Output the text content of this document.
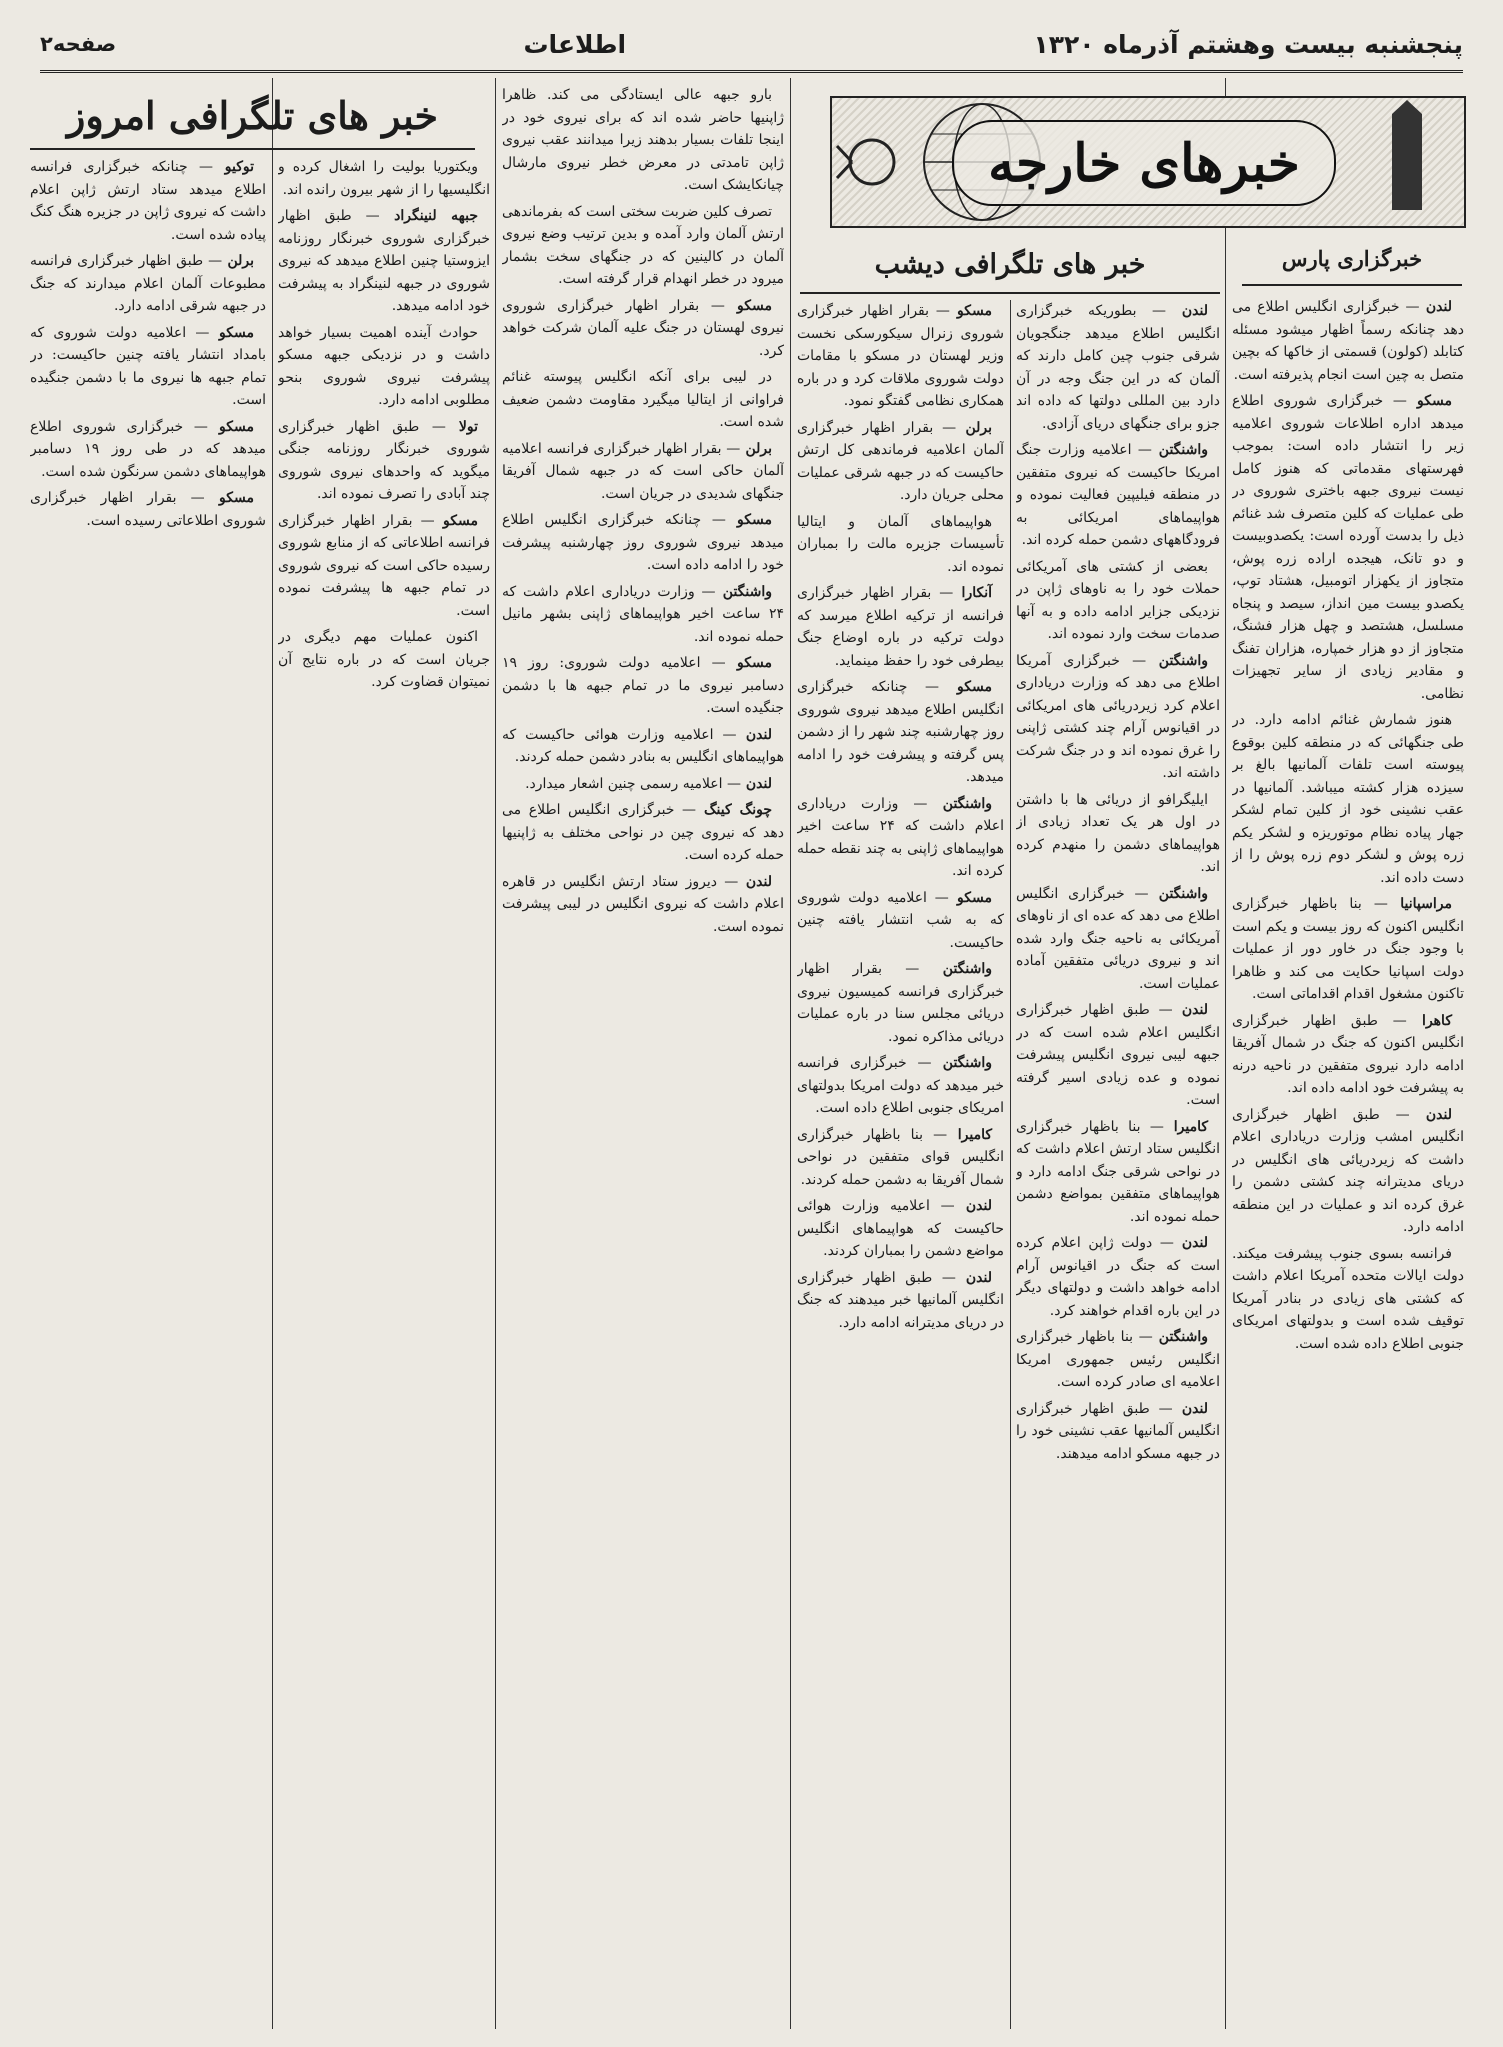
صفحه۲	اطلاعات	پنجشنبه بیست وهشتم آذرماه ۱۳۲۰
خبرهای خارجه
خبرگزاری پارس
خبر های تلگرافی امروز
خبر های تلگرافی دیشب

لندن — خبرگزاری انگلیس اطلاع می دهد چنانکه رسماً اظهار میشود مسئله کتابلد (کولون) قسمتی از خاکها که بچین متصل به چین است انجام پذیرفته است.

مسکو — خبرگزاری شوروی اطلاع میدهد اداره اطلاعات شوروی اعلامیه زیر را انتشار داده است: بموجب فهرستهای مقدماتی که هنوز کامل نیست نیروی جبهه باختری شوروی در طی عملیات که کلین متصرف شد غنائم ذیل را بدست آورده است: یکصدوبیست و دو تانک، هیجده اراده زره پوش، متجاوز از یکهزار اتومبیل، هشتاد توپ، یکصدو بیست مین انداز، سیصد و پنجاه مسلسل، هشتصد و چهل هزار فشنگ، متجاوز از دو هزار خمپاره، هزاران تفنگ و مقادیر زیادی از سایر تجهیزات نظامی.

هنوز شمارش غنائم ادامه دارد. در طی جنگهائی که در منطقه کلین بوقوع پیوسته است تلفات آلمانیها بالغ بر سیزده هزار کشته میباشد. آلمانیها در عقب نشینی خود از کلین تمام لشکر جهار پیاده نظام موتوریزه و لشکر یکم زره پوش و لشکر دوم زره پوش را از دست داده اند.

مراسپانیا — بنا باظهار خبرگزاری انگلیس اکنون که روز بیست و یکم است با وجود جنگ در خاور دور از عملیات دولت اسپانیا حکایت می کند و ظاهرا تاکنون مشغول اقدام اقداماتی است.

کاهرا — طبق اظهار خبرگزاری انگلیس اکنون که جنگ در شمال آفریقا ادامه دارد نیروی متفقین در ناحیه درنه به پیشرفت خود ادامه داده اند.

لندن — طبق اظهار خبرگزاری انگلیس امشب وزارت دریاداری اعلام داشت که زیردریائی های انگلیس در دریای مدیترانه چند کشتی دشمن را غرق کرده اند و عملیات در این منطقه ادامه دارد.

فرانسه بسوی جنوب پیشرفت میکند. دولت ایالات متحده آمریکا اعلام داشت که کشتی های زیادی در بنادر آمریکا توقیف شده است و بدولتهای امریکای جنوبی اطلاع داده شده است.

لندن — بطوریکه خبرگزاری انگلیس اطلاع میدهد جنگجویان شرقی جنوب چین کامل دارند که آلمان که در این جنگ وجه در آن دارد بین المللی دولتها که داده اند جزو برای جنگهای دریای آزادی.

واشنگتن — اعلامیه وزارت جنگ امریکا حاکیست که نیروی متفقین در منطقه فیلیپین فعالیت نموده و هواپیماهای امریکائی به فرودگاههای دشمن حمله کرده اند.

بعضی از کشتی های آمریکائی حملات خود را به ناوهای ژاپن در نزدیکی جزایر ادامه داده و به آنها صدمات سخت وارد نموده اند.

واشنگتن — خبرگزاری آمریکا اطلاع می دهد که وزارت دریاداری اعلام کرد زیردریائی های امریکائی در اقیانوس آرام چند کشتی ژاپنی را غرق نموده اند و در جنگ شرکت داشته اند.

ایلیگرافو از دریائی ها با داشتن در اول هر یک تعداد زیادی از هواپیماهای دشمن را منهدم کرده اند.

واشنگتن — خبرگزاری انگلیس اطلاع می دهد که عده ای از ناوهای آمریکائی به ناحیه جنگ وارد شده اند و نیروی دریائی متفقین آماده عملیات است.

لندن — طبق اظهار خبرگزاری انگلیس اعلام شده است که در جبهه لیبی نیروی انگلیس پیشرفت نموده و عده زیادی اسیر گرفته است.

کامیرا — بنا باظهار خبرگزاری انگلیس ستاد ارتش اعلام داشت که در نواحی شرقی جنگ ادامه دارد و هواپیماهای متفقین بمواضع دشمن حمله نموده اند.

لندن — دولت ژاپن اعلام کرده است که جنگ در اقیانوس آرام ادامه خواهد داشت و دولتهای دیگر در این باره اقدام خواهند کرد.

واشنگتن — بنا باظهار خبرگزاری انگلیس رئیس جمهوری امریکا اعلامیه ای صادر کرده است.

لندن — طبق اظهار خبرگزاری انگلیس آلمانیها عقب نشینی خود را در جبهه مسکو ادامه میدهند.

مسکو — بقرار اظهار خبرگزاری شوروی زنرال سیکورسکی نخست وزیر لهستان در مسکو با مقامات دولت شوروی ملاقات کرد و در باره همکاری نظامی گفتگو نمود.

برلن — بقرار اظهار خبرگزاری آلمان اعلامیه فرماندهی کل ارتش حاکیست که در جبهه شرقی عملیات محلی جریان دارد.

هواپیماهای آلمان و ایتالیا تأسیسات جزیره مالت را بمباران نموده اند.

آنکارا — بقرار اظهار خبرگزاری فرانسه از ترکیه اطلاع میرسد که دولت ترکیه در باره اوضاع جنگ بیطرفی خود را حفظ مینماید.

مسکو — چنانکه خبرگزاری انگلیس اطلاع میدهد نیروی شوروی روز چهارشنبه چند شهر را از دشمن پس گرفته و پیشرفت خود را ادامه میدهد.

واشنگتن — وزارت دریاداری اعلام داشت که ۲۴ ساعت اخیر هواپیماهای ژاپنی به چند نقطه حمله کرده اند.

مسکو — اعلامیه دولت شوروی که به شب انتشار یافته چنین حاکیست.

واشنگتن — بقرار اظهار خبرگزاری فرانسه کمیسیون نیروی دریائی مجلس سنا در باره عملیات دریائی مذاکره نمود.

واشنگتن — خبرگزاری فرانسه خبر میدهد که دولت امریکا بدولتهای امریکای جنوبی اطلاع داده است.

کامیرا — بنا باظهار خبرگزاری انگلیس قوای متفقین در نواحی شمال آفریقا به دشمن حمله کردند.

لندن — اعلامیه وزارت هوائی حاکیست که هواپیماهای انگلیس مواضع دشمن را بمباران کردند.

لندن — طبق اظهار خبرگزاری انگلیس آلمانیها خبر میدهند که جنگ در دریای مدیترانه ادامه دارد.

بارو جبهه عالی ایستادگی می کند. ظاهرا ژاپنیها حاضر شده اند که برای نیروی خود در اینجا تلفات بسیار بدهند زیرا میدانند عقب نیروی ژاپن تامدتی در معرض خطر نیروی مارشال چیانکایشک است.

تصرف کلین ضربت سختی است که بفرماندهی ارتش آلمان وارد آمده و بدین ترتیب وضع نیروی آلمان در کالینین که در جنگهای سخت بشمار میرود در خطر انهدام قرار گرفته است.

مسکو — بقرار اظهار خبرگزاری شوروی نیروی لهستان در جنگ علیه آلمان شرکت خواهد کرد.

در لیبی برای آنکه انگلیس پیوسته غنائم فراوانی از ایتالیا میگیرد مقاومت دشمن ضعیف شده است.

برلن — بقرار اظهار خبرگزاری فرانسه اعلامیه آلمان حاکی است که در جبهه شمال آفریقا جنگهای شدیدی در جریان است.

مسکو — چنانکه خبرگزاری انگلیس اطلاع میدهد نیروی شوروی روز چهارشنبه پیشرفت خود را ادامه داده است.

واشنگتن — وزارت دریاداری اعلام داشت که ۲۴ ساعت اخیر هواپیماهای ژاپنی بشهر مانیل حمله نموده اند.

مسکو — اعلامیه دولت شوروی: روز ۱۹ دسامبر نیروی ما در تمام جبهه ها با دشمن جنگیده است.

لندن — اعلامیه وزارت هوائی حاکیست که هواپیماهای انگلیس به بنادر دشمن حمله کردند.

لندن — اعلامیه رسمی چنین اشعار میدارد.

چونگ کینگ — خبرگزاری انگلیس اطلاع می دهد که نیروی چین در نواحی مختلف به ژاپنیها حمله کرده است.

لندن — دیروز ستاد ارتش انگلیس در قاهره اعلام داشت که نیروی انگلیس در لیبی پیشرفت نموده است.

ویکتوریا بولیت را اشغال کرده و انگلیسیها را از شهر بیرون رانده اند.

جبهه لنینگراد — طبق اظهار خبرگزاری شوروی خبرنگار روزنامه ایزوستیا چنین اطلاع میدهد که نیروی شوروی در جبهه لنینگراد به پیشرفت خود ادامه میدهد.

حوادث آینده اهمیت بسیار خواهد داشت و در نزدیکی جبهه مسکو پیشرفت نیروی شوروی بنحو مطلوبی ادامه دارد.

تولا — طبق اظهار خبرگزاری شوروی خبرنگار روزنامه جنگی میگوید که واحدهای نیروی شوروی چند آبادی را تصرف نموده اند.

مسکو — بقرار اظهار خبرگزاری فرانسه اطلاعاتی که از منابع شوروی رسیده حاکی است که نیروی شوروی در تمام جبهه ها پیشرفت نموده است.

اکنون عملیات مهم دیگری در جریان است که در باره نتایج آن نمیتوان قضاوت کرد.

توکیو — چنانکه خبرگزاری فرانسه اطلاع میدهد ستاد ارتش ژاپن اعلام داشت که نیروی ژاپن در جزیره هنگ کنگ پیاده شده است.

برلن — طبق اظهار خبرگزاری فرانسه مطبوعات آلمان اعلام میدارند که جنگ در جبهه شرقی ادامه دارد.

مسکو — اعلامیه دولت شوروی که بامداد انتشار یافته چنین حاکیست: در تمام جبهه ها نیروی ما با دشمن جنگیده است.

مسکو — خبرگزاری شوروی اطلاع میدهد که در طی روز ۱۹ دسامبر هواپیماهای دشمن سرنگون شده است.

مسکو — بقرار اظهار خبرگزاری شوروی اطلاعاتی رسیده است.
